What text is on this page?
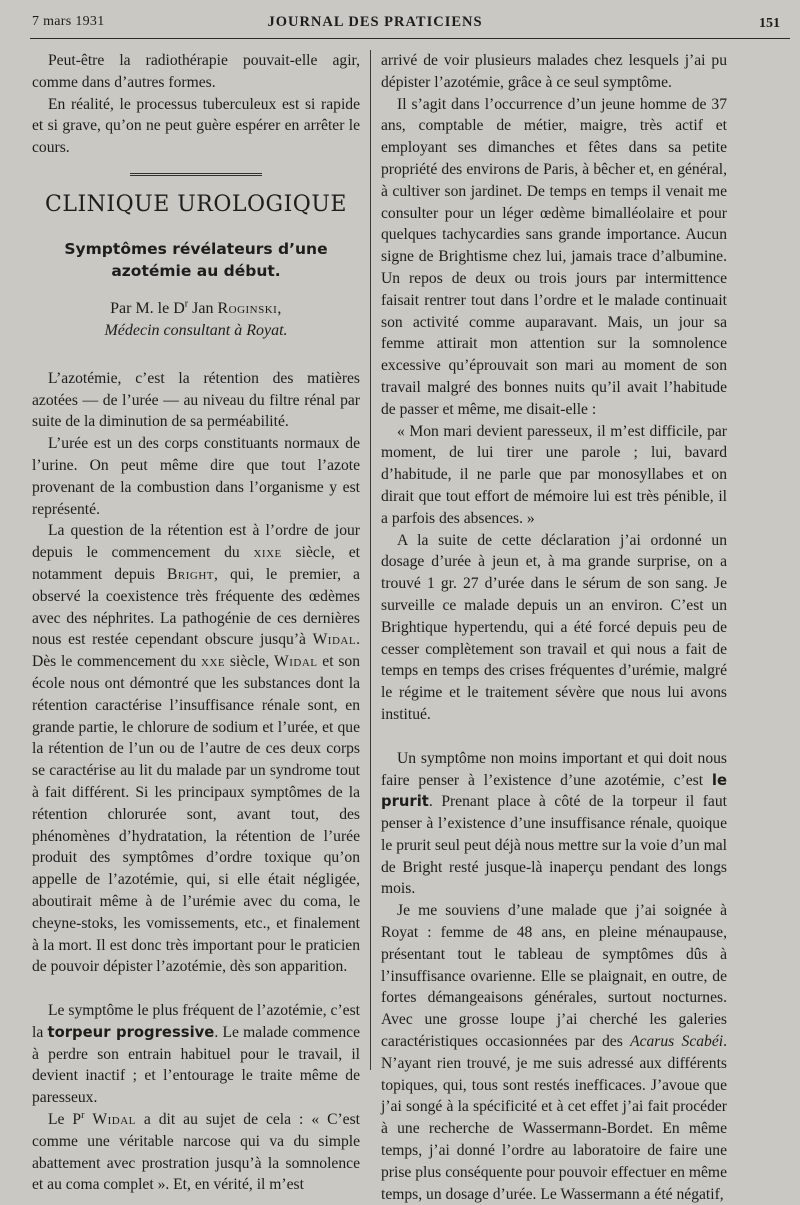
7 mars 1931	JOURNAL DES PRATICIENS	151

Peut-être la radiothérapie pouvait-elle agir, comme dans d’autres formes.

En réalité, le processus tuberculeux est si rapide et si grave, qu’on ne peut guère espérer en arrêter le cours.

CLINIQUE UROLOGIQUE
Symptômes révélateurs d’une azotémie au début.
Par M. le $D^r$ Jan Roginski,
Médecin consultant à Royat.

L’azotémie, c’est la rétention des matières azotées — de l’urée — au niveau du filtre rénal par suite de la diminution de sa perméabilité.

L’urée est un des corps constituants normaux de l’urine. On peut même dire que tout l’azote provenant de la combustion dans l’organisme y est représenté.

La question de la rétention est à l’ordre de jour depuis le commencement du xixe siècle, et notamment depuis Bright, qui, le premier, a observé la coexistence très fréquente des œdèmes avec des néphrites. La pathogénie de ces dernières nous est restée cependant obscure jusqu’à Widal. Dès le commencement du xxe siècle, Widal et son école nous ont démontré que les substances dont la rétention caractérise l’insuffisance rénale sont, en grande partie, le chlorure de sodium et l’urée, et que la rétention de l’un ou de l’autre de ces deux corps se caractérise au lit du malade par un syndrome tout à fait différent. Si les principaux symptômes de la rétention chlorurée sont, avant tout, des phénomènes d’hydratation, la rétention de l’urée produit des symptômes d’ordre toxique qu’on appelle de l’azotémie, qui, si elle était négligée, aboutirait même à de l’urémie avec du coma, le cheyne-stoks, les vomissements, etc., et finalement à la mort. Il est donc très important pour le praticien de pouvoir dépister l’azotémie, dès son apparition.

Le symptôme le plus fréquent de l’azotémie, c’est la torpeur progressive. Le malade commence à perdre son entrain habituel pour le travail, il devient inactif ; et l’entourage le traite même de paresseux.

Le $P^r$ Widal a dit au sujet de cela : « C’est comme une véritable narcose qui va du simple abattement avec prostration jusqu’à la somnolence et au coma complet ». Et, en vérité, il m’est

arrivé de voir plusieurs malades chez lesquels j’ai pu dépister l’azotémie, grâce à ce seul symptôme.

Il s’agit dans l’occurrence d’un jeune homme de 37 ans, comptable de métier, maigre, très actif et employant ses dimanches et fêtes dans sa petite propriété des environs de Paris, à bêcher et, en général, à cultiver son jardinet. De temps en temps il venait me consulter pour un léger œdème bimalléolaire et pour quelques tachycardies sans grande importance. Aucun signe de Brightisme chez lui, jamais trace d’albumine. Un repos de deux ou trois jours par intermittence faisait rentrer tout dans l’ordre et le malade continuait son activité comme auparavant. Mais, un jour sa femme attirait mon attention sur la somnolence excessive qu’éprouvait son mari au moment de son travail malgré des bonnes nuits qu’il avait l’habitude de passer et même, me disait-elle :

« Mon mari devient paresseux, il m’est difficile, par moment, de lui tirer une parole ; lui, bavard d’habitude, il ne parle que par monosyllabes et on dirait que tout effort de mémoire lui est très pénible, il a parfois des absences. »

A la suite de cette déclaration j’ai ordonné un dosage d’urée à jeun et, à ma grande surprise, on a trouvé 1 gr. 27 d’urée dans le sérum de son sang. Je surveille ce malade depuis un an environ. C’est un Brightique hypertendu, qui a été forcé depuis peu de cesser complètement son travail et qui nous a fait de temps en temps des crises fréquentes d’urémie, malgré le régime et le traitement sévère que nous lui avons institué.

Un symptôme non moins important et qui doit nous faire penser à l’existence d’une azotémie, c’est le prurit. Prenant place à côté de la torpeur il faut penser à l’existence d’une insuffisance rénale, quoique le prurit seul peut déjà nous mettre sur la voie d’un mal de Bright resté jusque-là inaperçu pendant des longs mois.

Je me souviens d’une malade que j’ai soignée à Royat : femme de 48 ans, en pleine ménaupause, présentant tout le tableau de symptômes dûs à l’insuffisance ovarienne. Elle se plaignait, en outre, de fortes démangeaisons générales, surtout nocturnes. Avec une grosse loupe j’ai cherché les galeries caractéristiques occasionnées par des Acarus Scabéi. N’ayant rien trouvé, je me suis adressé aux différents topiques, qui, tous sont restés inefficaces. J’avoue que j’ai songé à la spécificité et à cet effet j’ai fait procéder à une recherche de Wassermann-Bordet. En même temps, j’ai donné l’ordre au laboratoire de faire une prise plus conséquente pour pouvoir effectuer en même temps, un dosage d’urée. Le Wassermann a été négatif,
